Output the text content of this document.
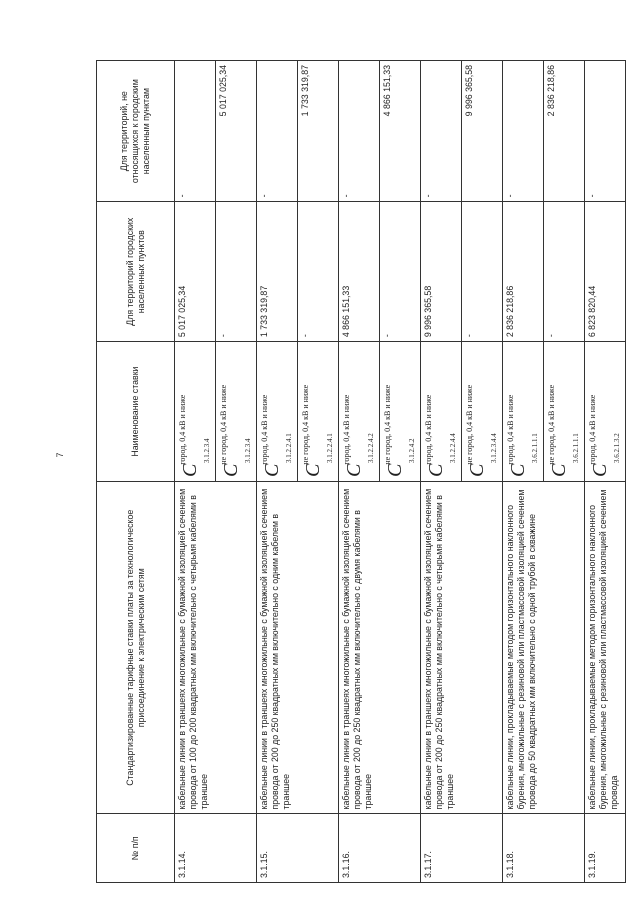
7
№ п/п	Стандартизированные тарифные ставки платы за технологическое присоединение к электрическим сетям	Наименование ставки	Для территорий городских населенных пунктов	Для территорий, не относящихся к городским населенным пунктам
3.1.14.	кабельные линии в траншеях многожильные с бумажной изоляцией сечением провода от 100 до 200 квадратных мм включительно с четырьмя кабелями в траншее	Cгород, 0,4 кВ и ниже $_{3.1.2.3.4}$	5 017 025,34	-
		Cне город, 0,4 кВ и ниже $_{3.1.2.3.4}$	-	5 017 025,34
3.1.15.	кабельные линии в траншеях многожильные с бумажной изоляцией сечением провода от 200 до 250 квадратных мм включительно с одним кабелем в траншее	Cгород, 0,4 кВ и ниже $_{3.1.2.2.4.1}$	1 733 319,87	-
		Cне город, 0,4 кВ и ниже $_{3.1.2.2.4.1}$	-	1 733 319,87
3.1.16.	кабельные линии в траншеях многожильные с бумажной изоляцией сечением провода от 200 до 250 квадратных мм включительно с двумя кабелями в траншее	Cгород, 0,4 кВ и ниже $_{3.1.2.2.4.2}$	4 866 151,33	-
		Cне город, 0,4 кВ и ниже $_{3.1.2.4.2}$	-	4 866 151,33
3.1.17.	кабельные линии в траншеях многожильные с бумажной изоляцией сечением провода от 200 до 250 квадратных мм включительно с четырьмя кабелями в траншее	Cгород, 0,4 кВ и ниже $_{3.1.2.2.4.4}$	9 996 365,58	-
		Cне город, 0,4 кВ и ниже $_{3.1.2.3.4.4}$	-	9 996 365,58
3.1.18.	кабельные линии, прокладываемые методом горизонтального наклонного бурения, многожильные с резиновой или пластмассовой изоляцией сечением провода до 50 квадратных мм включительно с одной трубой в скважине	Cгород, 0,4 кВ и ниже $_{3.6.2.1.1.1}$	2 836 218,86	-
		Cне город, 0,4 кВ и ниже $_{3.6.2.1.1.1}$	-	2 836 218,86
3.1.19.	кабельные линии, прокладываемые методом горизонтального наклонного бурения, многожильные с резиновой или пластмассовой изоляцией сечением провода	Cгород, 0,4 кВ и ниже $_{3.6.2.1.3.2}$	6 823 820,44	-
